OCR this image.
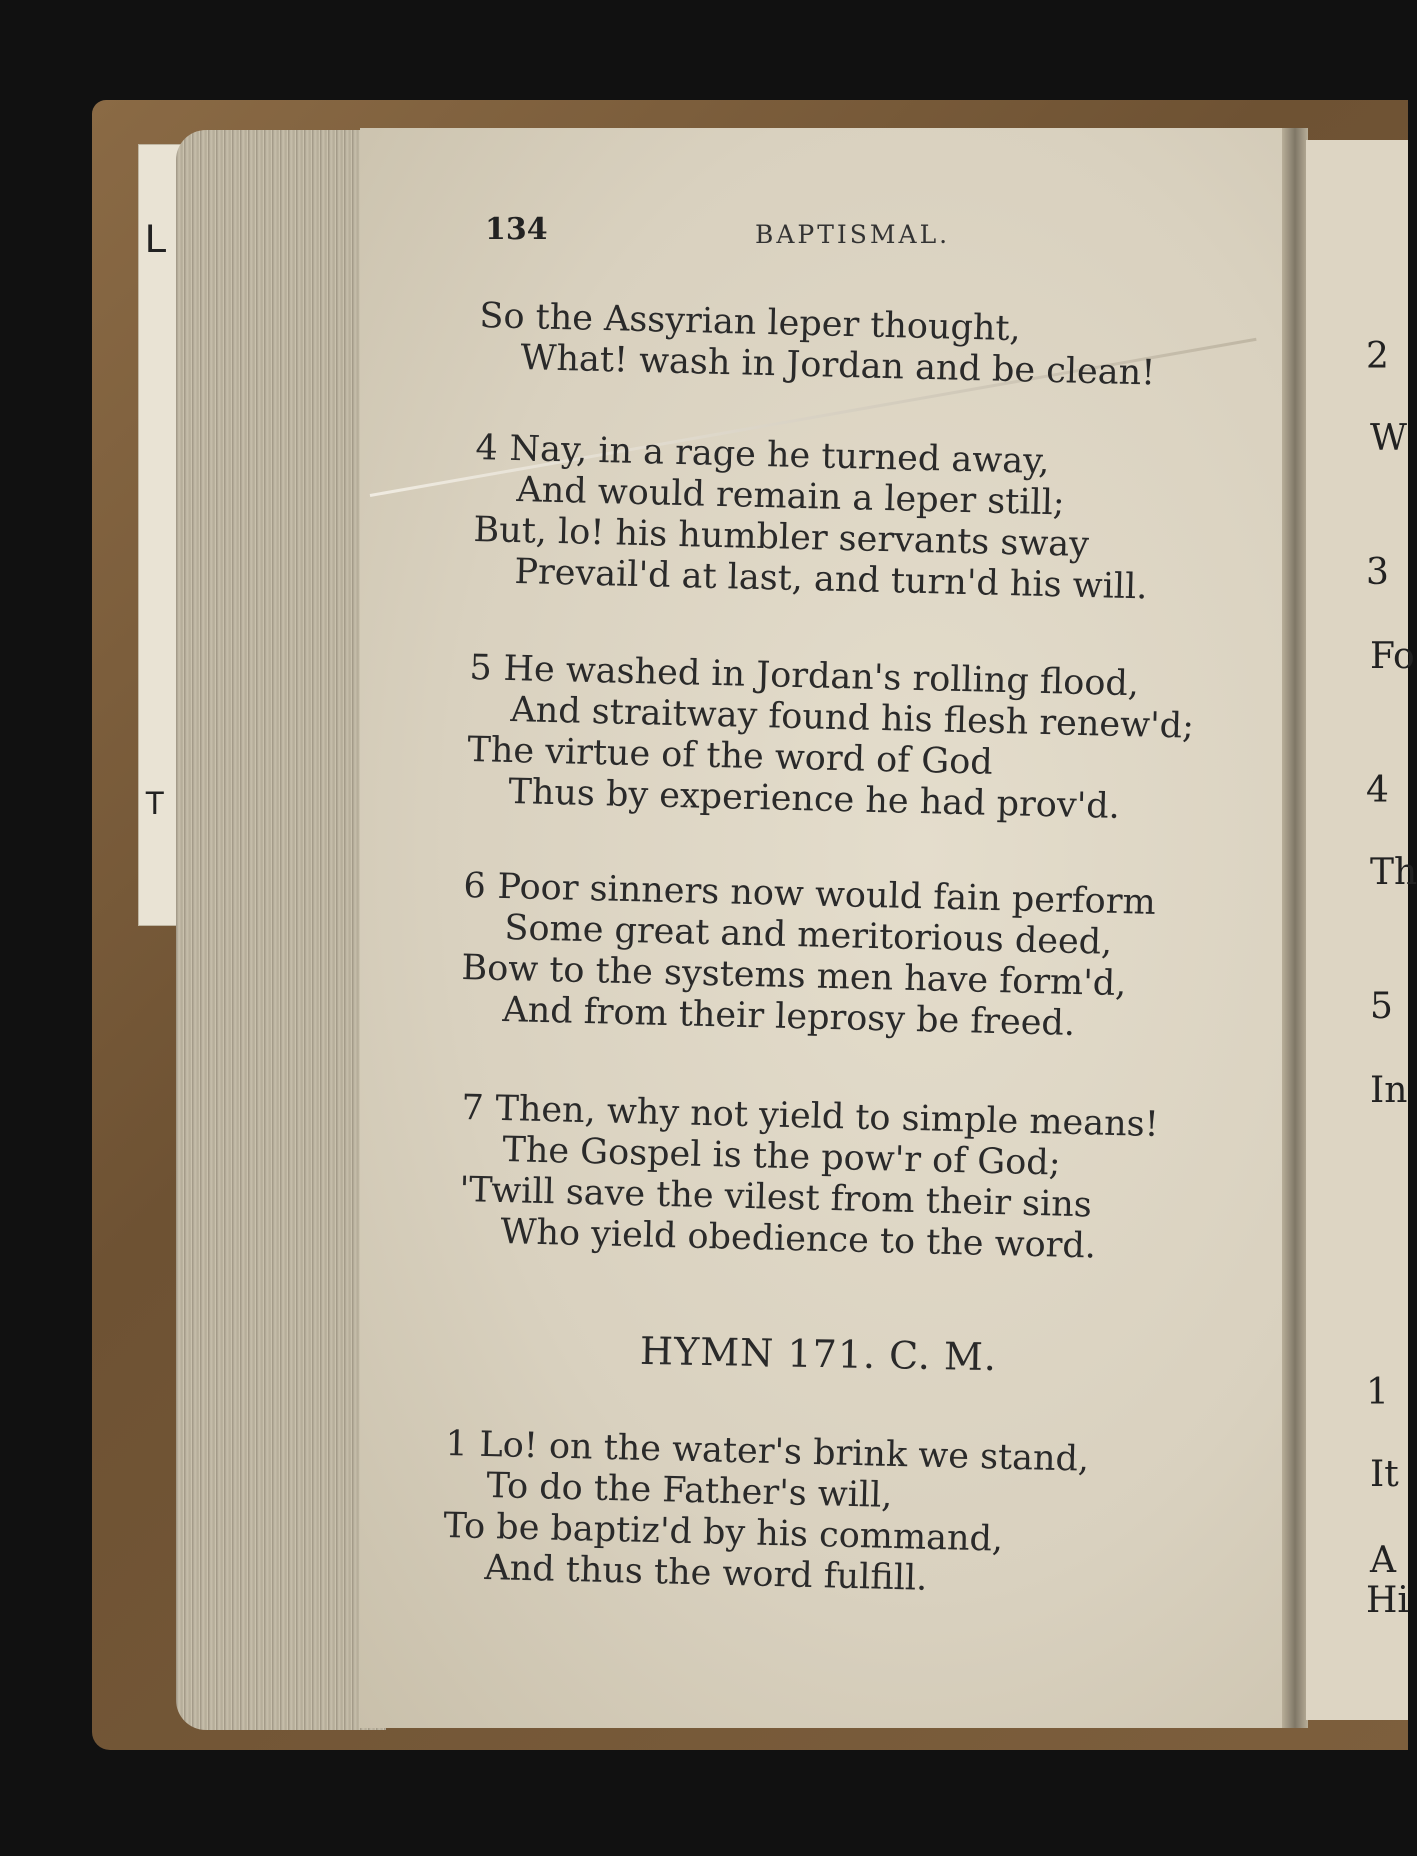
L
T
134	BAPTISMAL.
So the Assyrian leper thought,
What! wash in Jordan and be clean!
4 Nay, in a rage he turned away,
And would remain a leper still;
But, lo! his humbler servants sway
Prevail'd at last, and turn'd his will.
5 He washed in Jordan's rolling flood,
And straitway found his flesh renew'd;
The virtue of the word of God
Thus by experience he had prov'd.
6 Poor sinners now would fain perform
Some great and meritorious deed,
Bow to the systems men have form'd,
And from their leprosy be freed.
7 Then, why not yield to simple means!
The Gospel is the pow'r of God;
'Twill save the vilest from their sins
Who yield obedience to the word.
HYMN 171. C. M.
1 Lo! on the water's brink we stand,
To do the Father's will,
To be baptiz'd by his command,
And thus the word fulfill.
2
W
3
Fo
4
Th
5
In
1
It
A
Hi
